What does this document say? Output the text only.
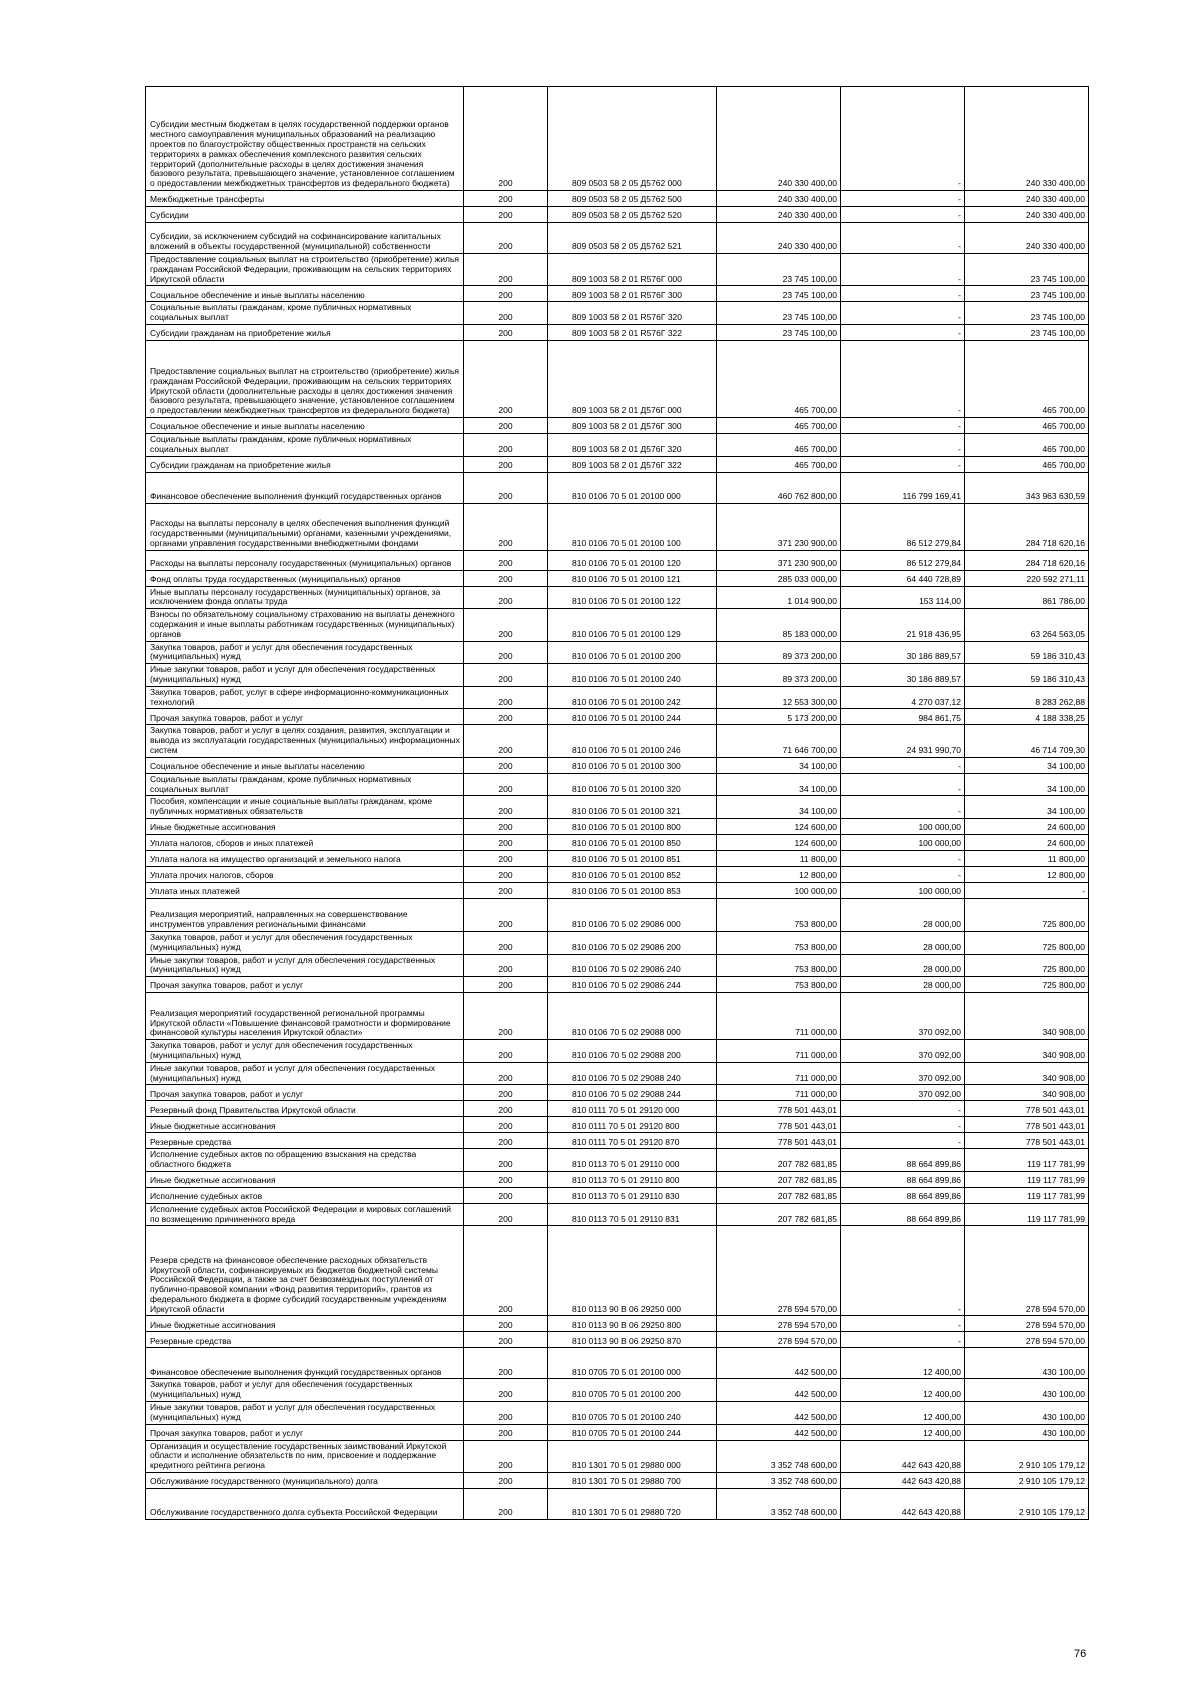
Субсидии местным бюджетам в целях государственной поддержки органов местного самоуправления муниципальных образований на реализацию проектов по благоустройству общественных пространств на сельских территориях в рамках обеспечения комплексного развития сельских территорий (дополнительные расходы в целях достижения значения базового результата, превышающего значение, установленное соглашением о предоставлении межбюджетных трансфертов из федерального бюджета)	200	809 0503 58 2 05 Д5762 000	240 330 400,00	-	240 330 400,00
Межбюджетные трансферты	200	809 0503 58 2 05 Д5762 500	240 330 400,00	-	240 330 400,00
Субсидии	200	809 0503 58 2 05 Д5762 520	240 330 400,00	-	240 330 400,00
Субсидии, за исключением субсидий на софинансирование капитальных вложений в объекты государственной (муниципальной) собственности	200	809 0503 58 2 05 Д5762 521	240 330 400,00	-	240 330 400,00
Предоставление социальных выплат на строительство (приобретение) жилья гражданам Российской Федерации, проживающим на сельских территориях Иркутской области	200	809 1003 58 2 01 R576Г 000	23 745 100,00	-	23 745 100,00
Социальное обеспечение и иные выплаты населению	200	809 1003 58 2 01 R576Г 300	23 745 100,00	-	23 745 100,00
Социальные выплаты гражданам, кроме публичных нормативных социальных выплат	200	809 1003 58 2 01 R576Г 320	23 745 100,00	-	23 745 100,00
Субсидии гражданам на приобретение жилья	200	809 1003 58 2 01 R576Г 322	23 745 100,00	-	23 745 100,00
Предоставление социальных выплат на строительство (приобретение) жилья гражданам Российской Федерации, проживающим на сельских территориях Иркутской области (дополнительные расходы в целях достижения значения базового результата, превышающего значение, установленное соглашением о предоставлении межбюджетных трансфертов из федерального бюджета)	200	809 1003 58 2 01 Д576Г 000	465 700,00	-	465 700,00
Социальное обеспечение и иные выплаты населению	200	809 1003 58 2 01 Д576Г 300	465 700,00	-	465 700,00
Социальные выплаты гражданам, кроме публичных нормативных социальных выплат	200	809 1003 58 2 01 Д576Г 320	465 700,00	-	465 700,00
Субсидии гражданам на приобретение жилья	200	809 1003 58 2 01 Д576Г 322	465 700,00	-	465 700,00
Финансовое обеспечение выполнения функций государственных органов	200	810 0106 70 5 01 20100 000	460 762 800,00	116 799 169,41	343 963 630,59
Расходы на выплаты персоналу в целях обеспечения выполнения функций государственными (муниципальными) органами, казенными учреждениями, органами управления государственными внебюджетными фондами	200	810 0106 70 5 01 20100 100	371 230 900,00	86 512 279,84	284 718 620,16
Расходы на выплаты персоналу государственных (муниципальных) органов	200	810 0106 70 5 01 20100 120	371 230 900,00	86 512 279,84	284 718 620,16
Фонд оплаты труда государственных (муниципальных) органов	200	810 0106 70 5 01 20100 121	285 033 000,00	64 440 728,89	220 592 271,11
Иные выплаты персоналу государственных (муниципальных) органов, за исключением фонда оплаты труда	200	810 0106 70 5 01 20100 122	1 014 900,00	153 114,00	861 786,00
Взносы по обязательному социальному страхованию на выплаты денежного содержания и иные выплаты работникам государственных (муниципальных) органов	200	810 0106 70 5 01 20100 129	85 183 000,00	21 918 436,95	63 264 563,05
Закупка товаров, работ и услуг для обеспечения государственных (муниципальных) нужд	200	810 0106 70 5 01 20100 200	89 373 200,00	30 186 889,57	59 186 310,43
Иные закупки товаров, работ и услуг для обеспечения государственных (муниципальных) нужд	200	810 0106 70 5 01 20100 240	89 373 200,00	30 186 889,57	59 186 310,43
Закупка товаров, работ, услуг в сфере информационно-коммуникационных технологий	200	810 0106 70 5 01 20100 242	12 553 300,00	4 270 037,12	8 283 262,88
Прочая закупка товаров, работ и услуг	200	810 0106 70 5 01 20100 244	5 173 200,00	984 861,75	4 188 338,25
Закупка товаров, работ и услуг в целях создания, развития, эксплуатации и вывода из эксплуатации государственных (муниципальных) информационных систем	200	810 0106 70 5 01 20100 246	71 646 700,00	24 931 990,70	46 714 709,30
Социальное обеспечение и иные выплаты населению	200	810 0106 70 5 01 20100 300	34 100,00	-	34 100,00
Социальные выплаты гражданам, кроме публичных нормативных социальных выплат	200	810 0106 70 5 01 20100 320	34 100,00	-	34 100,00
Пособия, компенсации и иные социальные выплаты гражданам, кроме публичных нормативных обязательств	200	810 0106 70 5 01 20100 321	34 100,00	-	34 100,00
Иные бюджетные ассигнования	200	810 0106 70 5 01 20100 800	124 600,00	100 000,00	24 600,00
Уплата налогов, сборов и иных платежей	200	810 0106 70 5 01 20100 850	124 600,00	100 000,00	24 600,00
Уплата налога на имущество организаций и земельного налога	200	810 0106 70 5 01 20100 851	11 800,00	-	11 800,00
Уплата прочих налогов, сборов	200	810 0106 70 5 01 20100 852	12 800,00	-	12 800,00
Уплата иных платежей	200	810 0106 70 5 01 20100 853	100 000,00	100 000,00	-
Реализация мероприятий, направленных на совершенствование инструментов управления региональными финансами	200	810 0106 70 5 02 29086 000	753 800,00	28 000,00	725 800,00
Закупка товаров, работ и услуг для обеспечения государственных (муниципальных) нужд	200	810 0106 70 5 02 29086 200	753 800,00	28 000,00	725 800,00
Иные закупки товаров, работ и услуг для обеспечения государственных (муниципальных) нужд	200	810 0106 70 5 02 29086 240	753 800,00	28 000,00	725 800,00
Прочая закупка товаров, работ и услуг	200	810 0106 70 5 02 29086 244	753 800,00	28 000,00	725 800,00
Реализация мероприятий государственной региональной программы Иркутской области «Повышение финансовой грамотности и формирование финансовой культуры населения Иркутской области»	200	810 0106 70 5 02 29088 000	711 000,00	370 092,00	340 908,00
Закупка товаров, работ и услуг для обеспечения государственных (муниципальных) нужд	200	810 0106 70 5 02 29088 200	711 000,00	370 092,00	340 908,00
Иные закупки товаров, работ и услуг для обеспечения государственных (муниципальных) нужд	200	810 0106 70 5 02 29088 240	711 000,00	370 092,00	340 908,00
Прочая закупка товаров, работ и услуг	200	810 0106 70 5 02 29088 244	711 000,00	370 092,00	340 908,00
Резервный фонд Правительства Иркутской области	200	810 0111 70 5 01 29120 000	778 501 443,01	-	778 501 443,01
Иные бюджетные ассигнования	200	810 0111 70 5 01 29120 800	778 501 443,01	-	778 501 443,01
Резервные средства	200	810 0111 70 5 01 29120 870	778 501 443,01	-	778 501 443,01
Исполнение судебных актов по обращению взыскания на средства областного бюджета	200	810 0113 70 5 01 29110 000	207 782 681,85	88 664 899,86	119 117 781,99
Иные бюджетные ассигнования	200	810 0113 70 5 01 29110 800	207 782 681,85	88 664 899,86	119 117 781,99
Исполнение судебных актов	200	810 0113 70 5 01 29110 830	207 782 681,85	88 664 899,86	119 117 781,99
Исполнение судебных актов Российской Федерации и мировых соглашений по возмещению причиненного вреда	200	810 0113 70 5 01 29110 831	207 782 681,85	88 664 899,86	119 117 781,99
Резерв средств на финансовое обеспечение расходных обязательств Иркутской области, софинансируемых из бюджетов бюджетной системы Российской Федерации, а также за счет безвозмездных поступлений от публично-правовой компании «Фонд развития территорий», грантов из федерального бюджета в форме субсидий государственным учреждениям Иркутской области	200	810 0113 90 В 06 29250 000	278 594 570,00	-	278 594 570,00
Иные бюджетные ассигнования	200	810 0113 90 В 06 29250 800	278 594 570,00	-	278 594 570,00
Резервные средства	200	810 0113 90 В 06 29250 870	278 594 570,00	-	278 594 570,00
Финансовое обеспечение выполнения функций государственных органов	200	810 0705 70 5 01 20100 000	442 500,00	12 400,00	430 100,00
Закупка товаров, работ и услуг для обеспечения государственных (муниципальных) нужд	200	810 0705 70 5 01 20100 200	442 500,00	12 400,00	430 100,00
Иные закупки товаров, работ и услуг для обеспечения государственных (муниципальных) нужд	200	810 0705 70 5 01 20100 240	442 500,00	12 400,00	430 100,00
Прочая закупка товаров, работ и услуг	200	810 0705 70 5 01 20100 244	442 500,00	12 400,00	430 100,00
Организация и осуществление государственных заимствований Иркутской области и исполнение обязательств по ним, присвоение и поддержание кредитного рейтинга региона	200	810 1301 70 5 01 29880 000	3 352 748 600,00	442 643 420,88	2 910 105 179,12
Обслуживание государственного (муниципального) долга	200	810 1301 70 5 01 29880 700	3 352 748 600,00	442 643 420,88	2 910 105 179,12
Обслуживание государственного долга субъекта Российской Федерации	200	810 1301 70 5 01 29880 720	3 352 748 600,00	442 643 420,88	2 910 105 179,12
76
